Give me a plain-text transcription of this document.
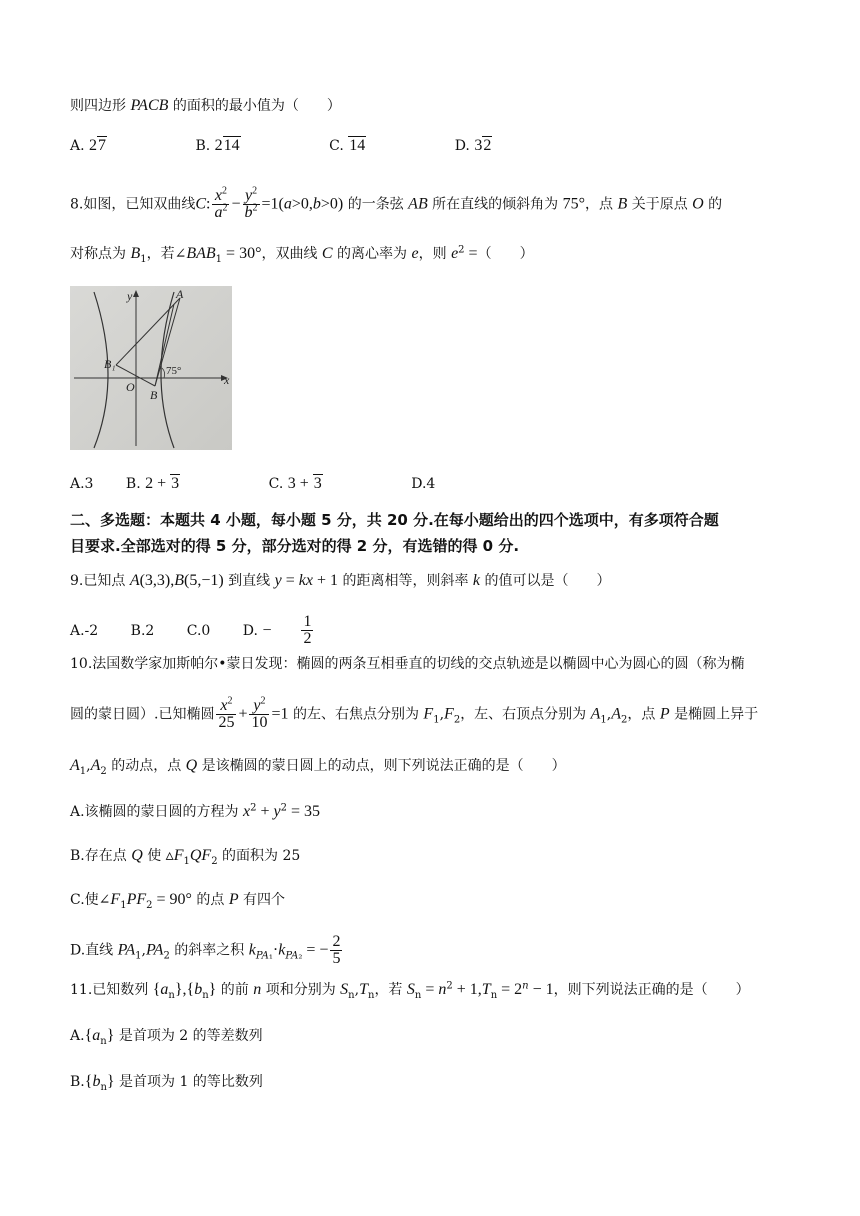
则四边形 PACB 的面积的最小值为（　　）
A. 27	B. 214	C. 14	D. 32
8.如图，已知双曲线C: $\frac{x^2}{a^2} - \frac{y^2}{b^2} =1(a>0,b>0)$ 的一条弦 AB 所在直线的倾斜角为 75°，点 B 关于原点 O 的
对称点为 $B_1$，若$\angle BAB_1 = 30^\circ$，双曲线 C 的离心率为 e，则 $e^2$ =（　　）
y	A
x
B₁
O
B
75°
A.3 B. 2 + 3	C. 3 + 3	D.4
二、多选题：本题共 4 小题，每小题 5 分，共 20 分.在每小题给出的四个选项中，有多项符合题
目要求.全部选对的得 5 分，部分选对的得 2 分，有选错的得 0 分.
9.已知点 A(3,3),B(5,−1) 到直线 y = kx + 1 的距离相等，则斜率 k 的值可以是（　　）
A.-2 B.2 C.0 D. − $\frac{1}{2}$
10.法国数学家加斯帕尔•蒙日发现：椭圆的两条互相垂直的切线的交点轨迹是以椭圆中心为圆心的圆（称为椭
圆的蒙日圆）.已知椭圆 $\frac{x^2}{25} + \frac{y^2}{10} =1$ 的左、右焦点分别为 $F_1,F_2$，左、右顶点分别为 $A_1,A_2$，点 P 是椭圆上异于
$A_1,A_2$ 的动点，点 Q 是该椭圆的蒙日圆上的动点，则下列说法正确的是（　　）
A.该椭圆的蒙日圆的方程为 $x^2 + y^2 = 35$
B.存在点 Q 使 $▵F_1QF_2$ 的面积为 25
C.使$\angle F_1PF_2 = 90^\circ$ 的点 P 有四个
D.直线 $PA_1,PA_2$ 的斜率之积 $k_{PA_1}\cdot k_{PA_2}$ = − $\frac{2}{5}$
11.已知数列 $\{a_n\},\{b_n\}$ 的前 n 项和分别为 $S_n,T_n$，若 $S_n = n^2 + 1,T_n = 2^n - 1$，则下列说法正确的是（　　）
$A.\{a_n\}$ 是首项为 2 的等差数列
$B.\{b_n\}$ 是首项为 1 的等比数列
